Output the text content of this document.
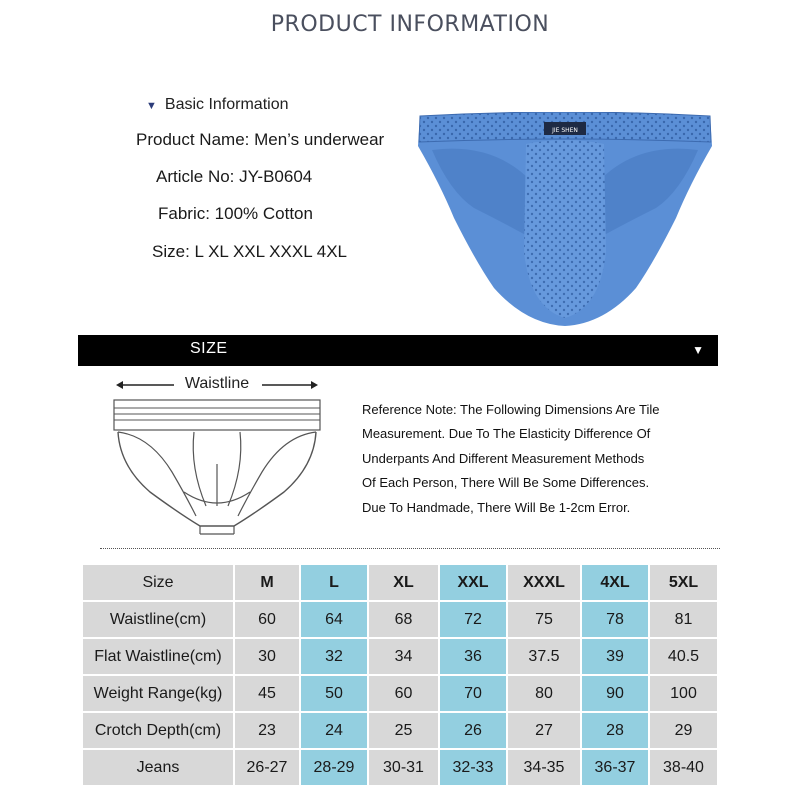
PRODUCT INFORMATION
▼ Basic Information
Product Name: Men’s underwear
Article No: JY-B0604
Fabric: 100% Cotton
Size: L XL XXL XXXL 4XL
JIE SHEN
SIZE	▼
Waistline
Reference Note: The Following Dimensions Are Tile
Measurement. Due To The Elasticity Difference Of
Underpants And Different Measurement Methods
Of Each Person, There Will Be Some Differences.
Due To Handmade, There Will Be 1-2cm Error.
Size	M	L	XL	XXL	XXXL	4XL	5XL
Waistline(cm)	60	64	68	72	75	78	81
Flat Waistline(cm)	30	32	34	36	37.5	39	40.5
Weight Range(kg)	45	50	60	70	80	90	100
Crotch Depth(cm)	23	24	25	26	27	28	29
Jeans	26-27	28-29	30-31	32-33	34-35	36-37	38-40
